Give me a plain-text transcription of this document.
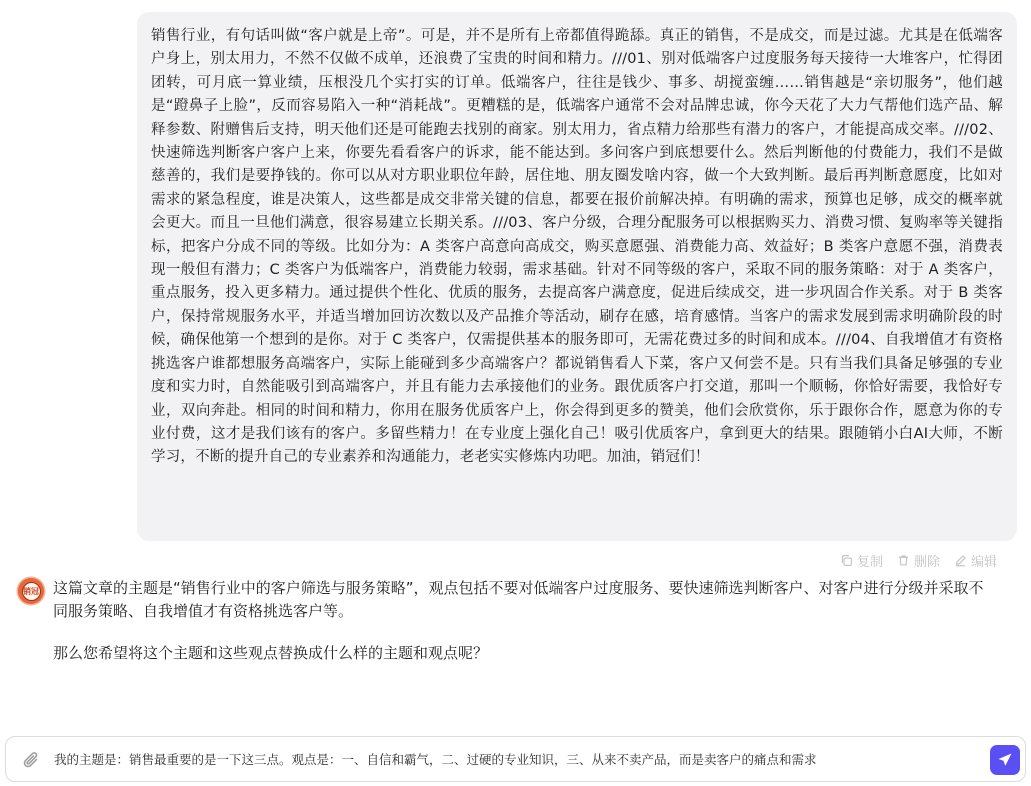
销售行业，有句话叫做“客户就是上帝”。可是，并不是所有上帝都值得跪舔。真正的销售，不是成交，而是过滤。尤其是在低端客户身上，别太用力，不然不仅做不成单，还浪费了宝贵的时间和精力。///01、别对低端客户过度服务每天接待一大堆客户，忙得团团转，可月底一算业绩，压根没几个实打实的订单。低端客户，往往是钱少、事多、胡搅蛮缠……销售越是“亲切服务”，他们越是“蹬鼻子上脸”，反而容易陷入一种“消耗战”。更糟糕的是，低端客户通常不会对品牌忠诚，你今天花了大力气帮他们选产品、解释参数、附赠售后支持，明天他们还是可能跑去找别的商家。别太用力，省点精力给那些有潜力的客户，才能提高成交率。///02、快速筛选判断客户客户上来，你要先看看客户的诉求，能不能达到。多问客户到底想要什么。然后判断他的付费能力，我们不是做慈善的，我们是要挣钱的。你可以从对方职业职位年龄，居住地、朋友圈发啥内容，做一个大致判断。最后再判断意愿度，比如对需求的紧急程度，谁是决策人，这些都是成交非常关键的信息，都要在报价前解决掉。有明确的需求，预算也足够，成交的概率就会更大。而且一旦他们满意，很容易建立长期关系。///03、客户分级，合理分配服务可以根据购买力、消费习惯、复购率等关键指标，把客户分成不同的等级。比如分为：A 类客户高意向高成交，购买意愿强、消费能力高、效益好；B 类客户意愿不强，消费表现一般但有潜力；C 类客户为低端客户，消费能力较弱，需求基础。针对不同等级的客户，采取不同的服务策略：对于 A 类客户，重点服务，投入更多精力。通过提供个性化、优质的服务，去提高客户满意度，促进后续成交，进一步巩固合作关系。对于 B 类客户，保持常规服务水平，并适当增加回访次数以及产品推介等活动，刷存在感，培育感情。当客户的需求发展到需求明确阶段的时候，确保他第一个想到的是你。对于 C 类客户，仅需提供基本的服务即可，无需花费过多的时间和成本。///04、自我增值才有资格挑选客户谁都想服务高端客户，实际上能碰到多少高端客户？都说销售看人下菜，客户又何尝不是。只有当我们具备足够强的专业度和实力时，自然能吸引到高端客户，并且有能力去承接他们的业务。跟优质客户打交道，那叫一个顺畅，你恰好需要，我恰好专业，双向奔赴。相同的时间和精力，你用在服务优质客户上，你会得到更多的赞美，他们会欣赏你，乐于跟你合作，愿意为你的专业付费，这才是我们该有的客户。多留些精力！在专业度上强化自己！吸引优质客户，拿到更大的结果。跟随销小白AI大师，不断学习，不断的提升自己的专业素养和沟通能力，老老实实修炼内功吧。加油，销冠们！
复制 删除 编辑
销冠 这篇文章的主题是“销售行业中的客户筛选与服务策略”，观点包括不要对低端客户过度服务、要快速筛选判断客户、对客户进行分级并采取不同服务策略、自我增值才有资格挑选客户等。

那么您希望将这个主题和这些观点替换成什么样的主题和观点呢？

我的主题是：销售最重要的是一下这三点。观点是：一、自信和霸气，二、过硬的专业知识，三、从来不卖产品，而是卖客户的痛点和需求
